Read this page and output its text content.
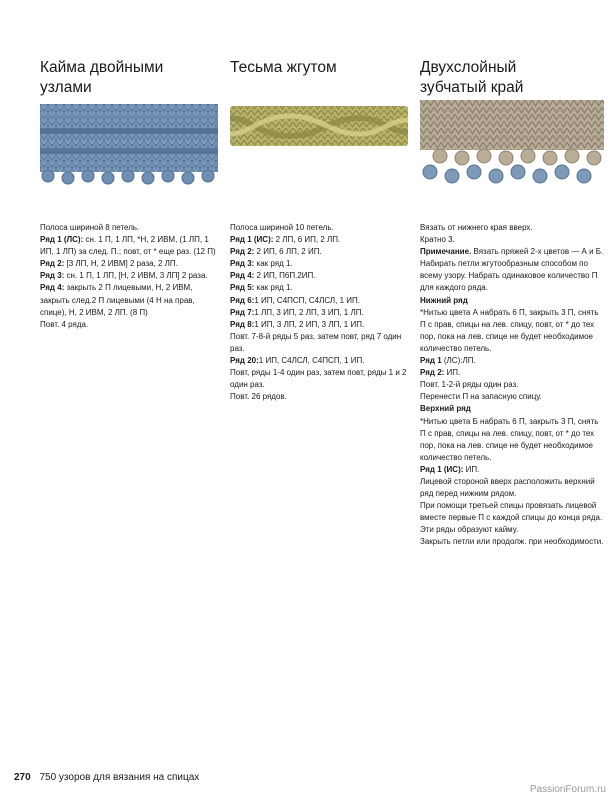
Кайма двойными
узлами

Полоса шириной 8 петель.

Ряд 1 (ЛС): сн. 1 П, 1 ЛП, *Н, 2 ИВМ, (1 ЛП, 1 ИП, 1 ЛП) за след. П.; повт, от * еще раз. (12 П)

Ряд 2: [3 ЛП, Н, 2 ИВМ] 2 раза, 2 ЛП.

Ряд 3: сн. 1 П, 1 ЛП, [Н, 2 ИВМ, 3 ЛП] 2 раза.

Ряд 4: закрыть 2 П лицевыми, Н, 2 ИВМ, закрыть след.2 П лицевыми (4 Н на прав, спице), Н, 2 ИВМ, 2 ЛП. (8 П)

Повт. 4 ряда.

Тесьма жгутом

Полоса шириной 10 петель.

Ряд 1 (ИС): 2 ЛП, 6 ИП, 2 ЛП.

Ряд 2: 2 ИП, 6 ЛП, 2 ИП.

Ряд 3: как ряд 1.

Ряд 4: 2 ИП, П6П.2ИП.

Ряд 5: как ряд 1.

Ряд 6:1 ИП, С4ПСП, С4ЛСЛ, 1 ИП.

Ряд 7:1 ЛП, 3 ИП, 2 ЛП, 3 ИП, 1 ЛП.

Ряд 8:1 ИП, 3 ЛП, 2 ИП, 3 ЛП, 1 ИП.

Повт. 7-8-й ряды 5 раз, затем повт, ряд 7 один раз.

Ряд 20:1 ИП, С4ЛСЛ, С4ПСП, 1 ИП.

Повт, ряды 1-4 один раз, затем повт, ряды 1 и 2 один раз.

Повт. 26 рядов.

Двухслойный
зубчатый край

Вязать от нижнего края вверх.

Кратно 3.

Примечание. Вязать пряжей 2-х цветов — А и Б. Набирать петли жгутообразным способом по всему узору. Набрать одинаковое количество П для каждого ряда.

Нижний ряд

*Нитью цвета А набрать 6 П, закрыть 3 П, снять П с прав, спицы на лев. спицу, повт, от * до тех пор, пока на лев. спице не будет необходимое количество петель.

Ряд 1 (ЛС):ЛП.

Ряд 2: ИП.

Повт. 1-2-й ряды один раз.

Перенести П на запасную спицу.

Верхний ряд

*Нитью цвета Б набрать 6 П, закрыть 3 П, снять П с прав, спицы на лев. спицу, повт, от * до тех пор, пока на лев. спице не будет необходимое количество петель.

Ряд 1 (ИС): ИП.

Лицевой стороной вверх расположить верхний ряд перед нижним рядом.

При помощи третьей спицы провязать лицевой вместе первые П с каждой спицы до конца ряда.

Эти ряды образуют кайму.

Закрыть петли или продолж. при необходимости.

270 750 узоров для вязания на спицах
PassionForum.ru
